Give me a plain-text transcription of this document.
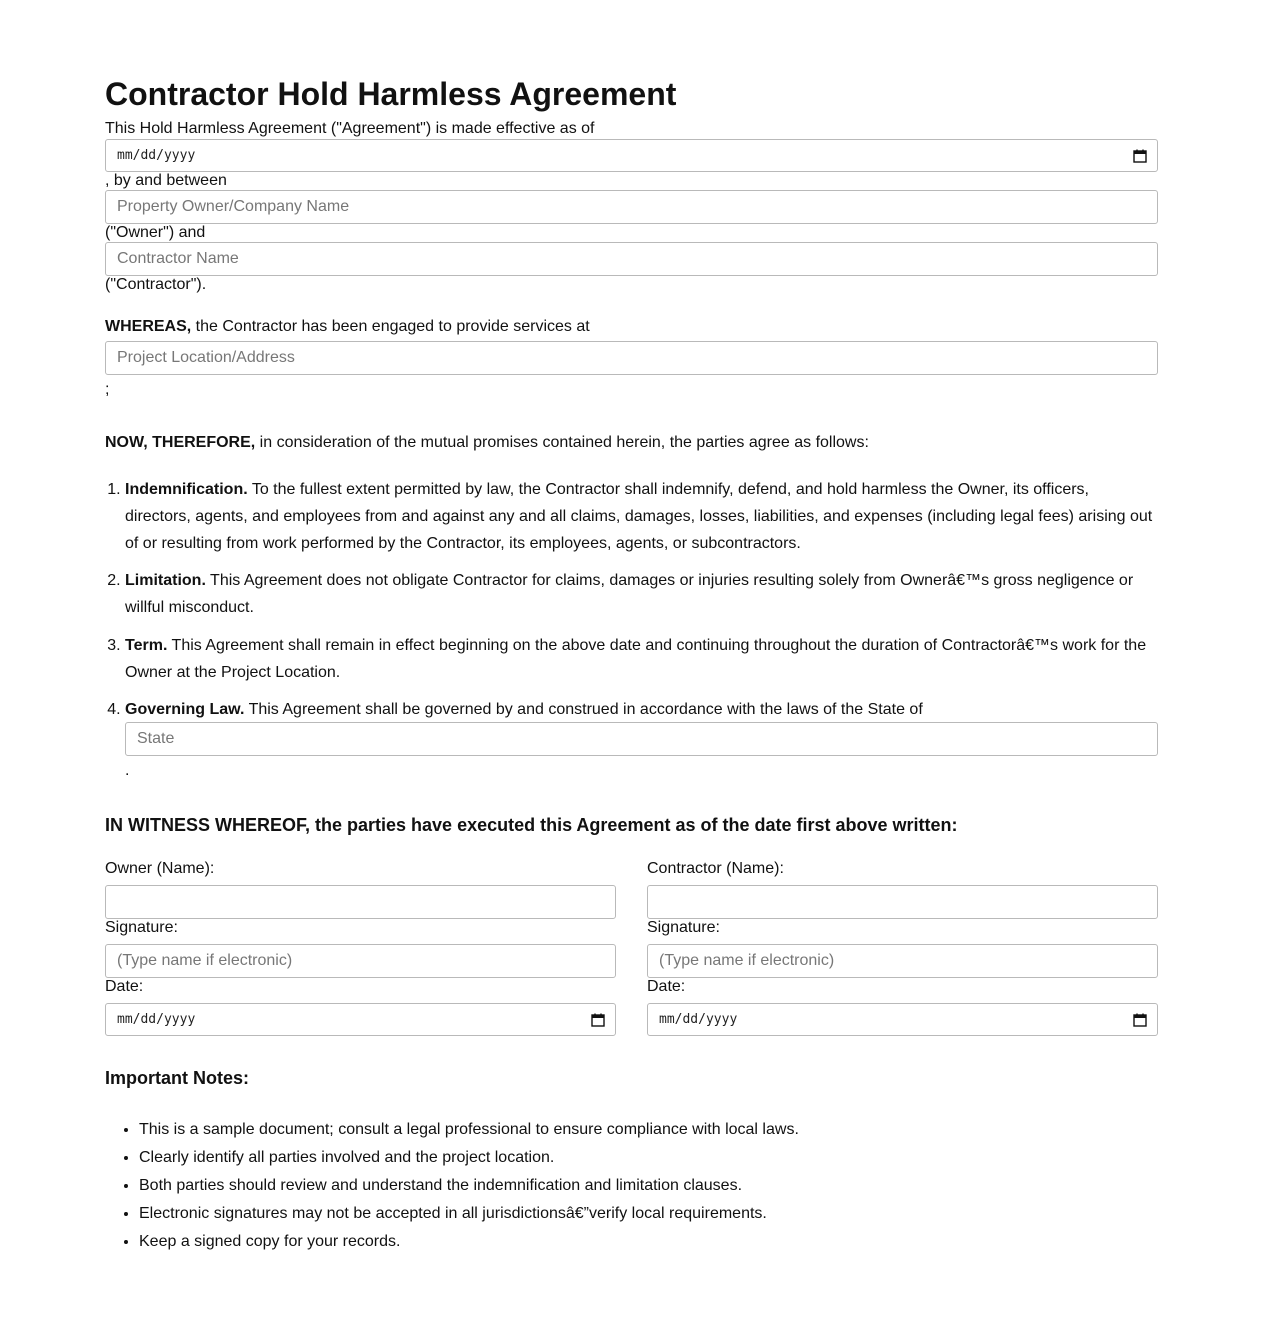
Contractor Hold Harmless Agreement
This Hold Harmless Agreement ("Agreement") is made effective as of
mm/dd/yyyy
, by and between
Property Owner/Company Name
("Owner") and
Contractor Name
("Contractor").
WHEREAS, the Contractor has been engaged to provide services at
Project Location/Address
;
NOW, THEREFORE, in consideration of the mutual promises contained herein, the parties agree as follows:
1. Indemnification. To the fullest extent permitted by law, the Contractor shall indemnify, defend, and hold harmless the Owner, its officers, directors, agents, and employees from and against any and all claims, damages, losses, liabilities, and expenses (including legal fees) arising out of or resulting from work performed by the Contractor, its employees, agents, or subcontractors.
2. Limitation. This Agreement does not obligate Contractor for claims, damages or injuries resulting solely from Ownerâ€™s gross negligence or willful misconduct.
3. Term. This Agreement shall remain in effect beginning on the above date and continuing throughout the duration of Contractorâ€™s work for the Owner at the Project Location.
4. Governing Law. This Agreement shall be governed by and construed in accordance with the laws of the State of
State
.
IN WITNESS WHEREOF, the parties have executed this Agreement as of the date first above written:
Owner (Name):
Signature:
(Type name if electronic)
Date:
mm/dd/yyyy
Contractor (Name):
Signature:
(Type name if electronic)
Date:
mm/dd/yyyy
Important Notes:
• This is a sample document; consult a legal professional to ensure compliance with local laws.
• Clearly identify all parties involved and the project location.
• Both parties should review and understand the indemnification and limitation clauses.
• Electronic signatures may not be accepted in all jurisdictionsâ€”verify local requirements.
• Keep a signed copy for your records.
